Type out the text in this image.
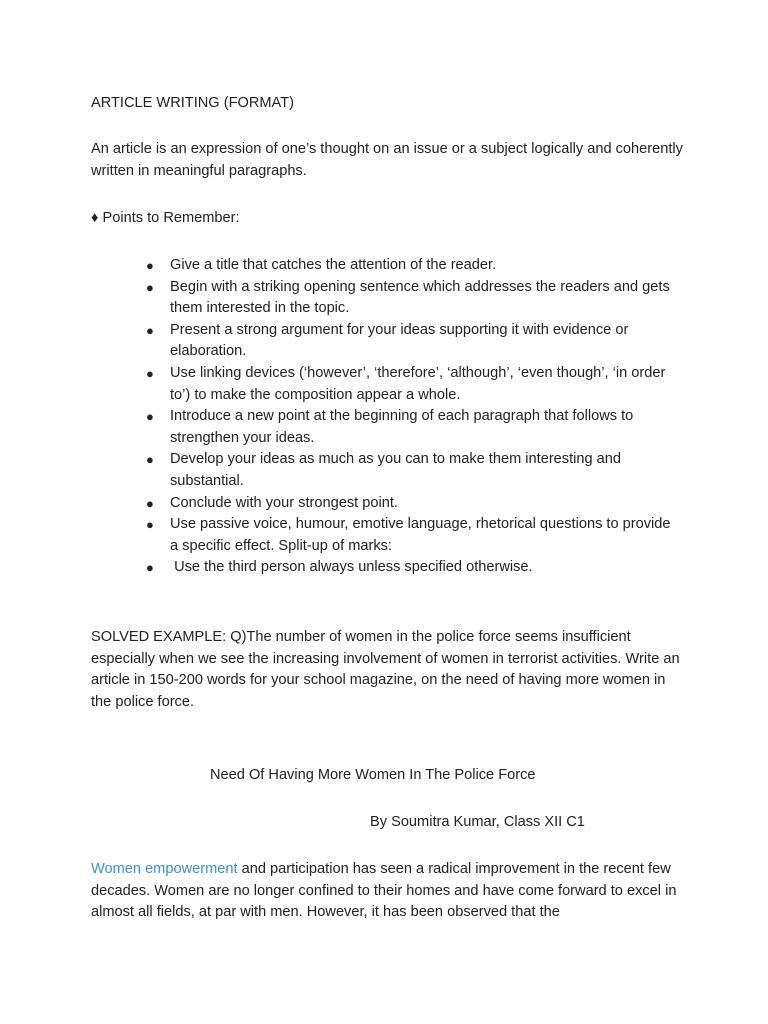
ARTICLE WRITING (FORMAT)

An article is an expression of one’s thought on an issue or a subject logically and coherently written in meaningful paragraphs.

♦ Points to Remember:

● Give a title that catches the attention of the reader.
● Begin with a striking opening sentence which addresses the readers and gets them interested in the topic.
● Present a strong argument for your ideas supporting it with evidence or elaboration.
● Use linking devices (‘however’, ‘therefore’, ‘although’, ‘even though’, ‘in order to’) to make the composition appear a whole.
● Introduce a new point at the beginning of each paragraph that follows to strengthen your ideas.
● Develop your ideas as much as you can to make them interesting and substantial.
● Conclude with your strongest point.
● Use passive voice, humour, emotive language, rhetorical questions to provide a specific effect. Split-up of marks:
● Use the third person always unless specified otherwise.

SOLVED EXAMPLE: Q)The number of women in the police force seems insufficient especially when we see the increasing involvement of women in terrorist activities. Write an article in 150-200 words for your school magazine, on the need of having more women in the police force.

Need Of Having More Women In The Police Force

By Soumitra Kumar, Class XII C1

Women empowerment and participation has seen a radical improvement in the recent few decades. Women are no longer confined to their homes and have come forward to excel in almost all fields, at par with men. However, it has been observed that the
